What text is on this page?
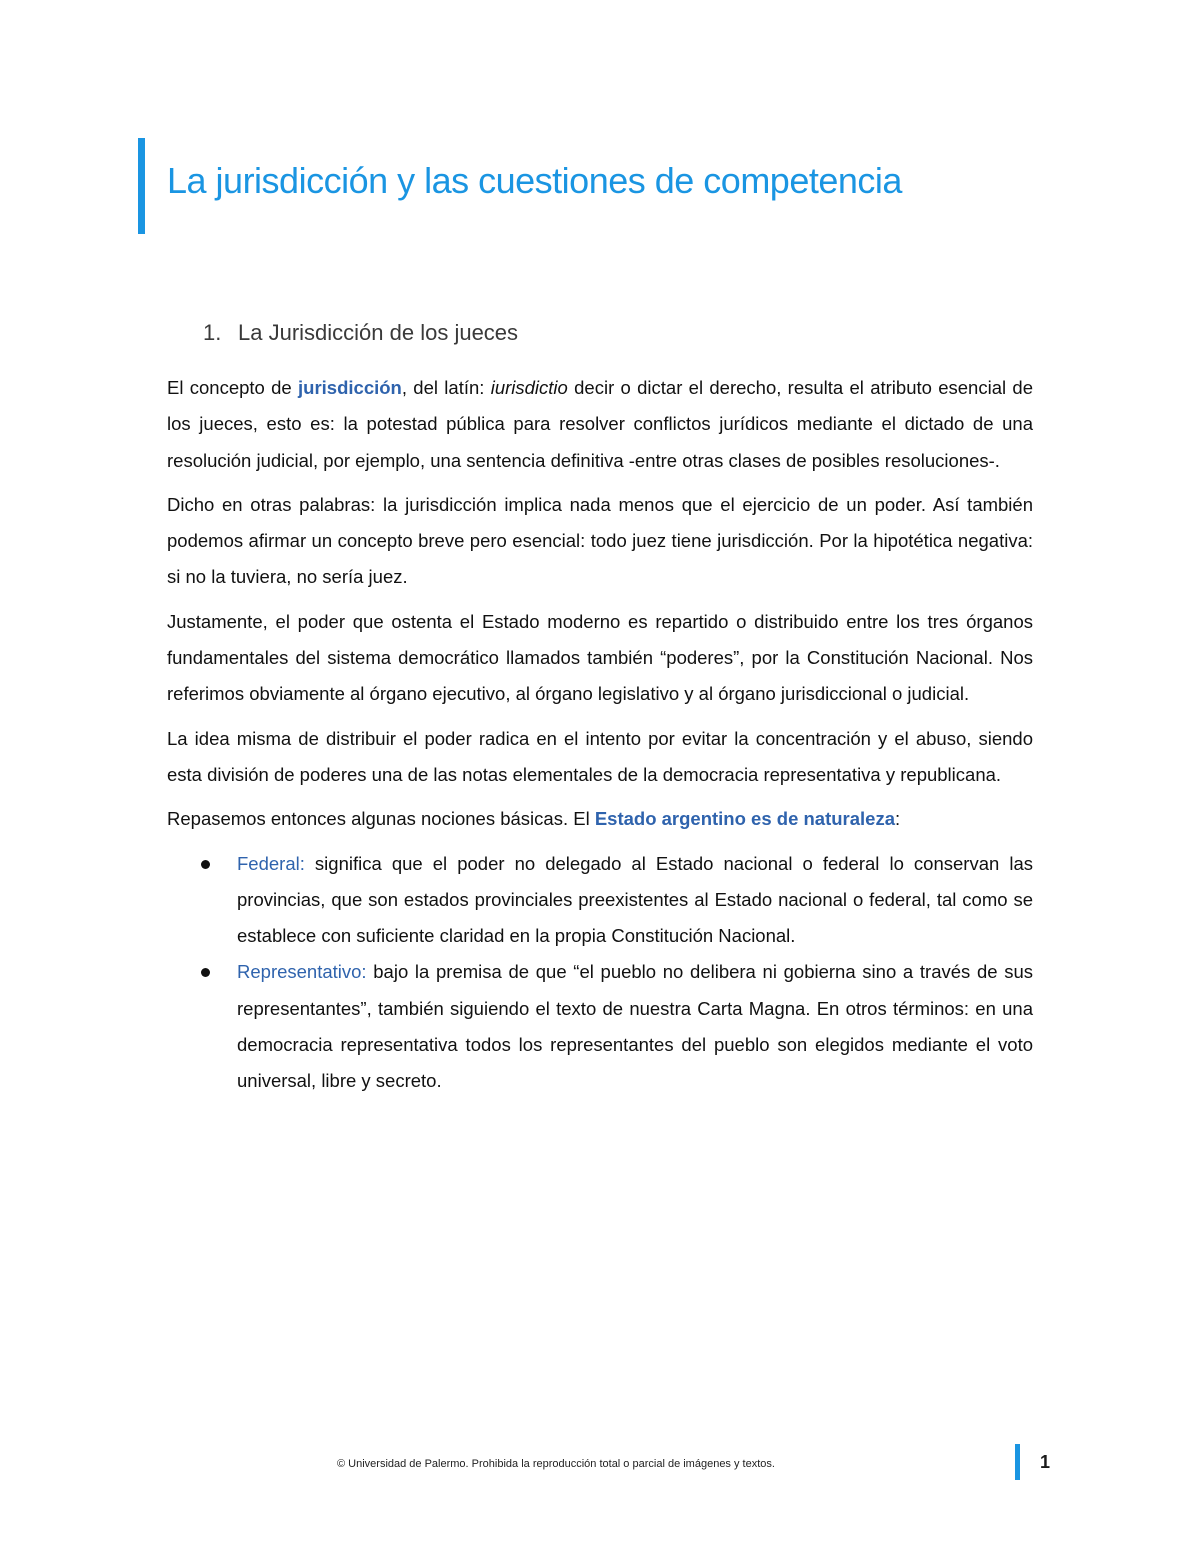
La jurisdicción y las cuestiones de competencia
1. La Jurisdicción de los jueces

El concepto de jurisdicción, del latín: iurisdictio decir o dictar el derecho, resulta el atributo esencial de los jueces, esto es: la potestad pública para resolver conflictos jurídicos mediante el dictado de una resolución judicial, por ejemplo, una sentencia definitiva -entre otras clases de posibles resoluciones-.

Dicho en otras palabras: la jurisdicción implica nada menos que el ejercicio de un poder. Así también podemos afirmar un concepto breve pero esencial: todo juez tiene jurisdicción. Por la hipotética negativa: si no la tuviera, no sería juez.

Justamente, el poder que ostenta el Estado moderno es repartido o distribuido entre los tres órganos fundamentales del sistema democrático llamados también “poderes”, por la Constitución Nacional. Nos referimos obviamente al órgano ejecutivo, al órgano legislativo y al órgano jurisdiccional o judicial.

La idea misma de distribuir el poder radica en el intento por evitar la concentración y el abuso, siendo esta división de poderes una de las notas elementales de la democracia representativa y republicana.

Repasemos entonces algunas nociones básicas. El Estado argentino es de naturaleza:

Federal: significa que el poder no delegado al Estado nacional o federal lo conservan las provincias, que son estados provinciales preexistentes al Estado nacional o federal, tal como se establece con suficiente claridad en la propia Constitución Nacional.
Representativo: bajo la premisa de que “el pueblo no delibera ni gobierna sino a través de sus representantes”, también siguiendo el texto de nuestra Carta Magna. En otros términos: en una democracia representativa todos los representantes del pueblo son elegidos mediante el voto universal, libre y secreto.
© Universidad de Palermo. Prohibida la reproducción total o parcial de imágenes y textos.	1
